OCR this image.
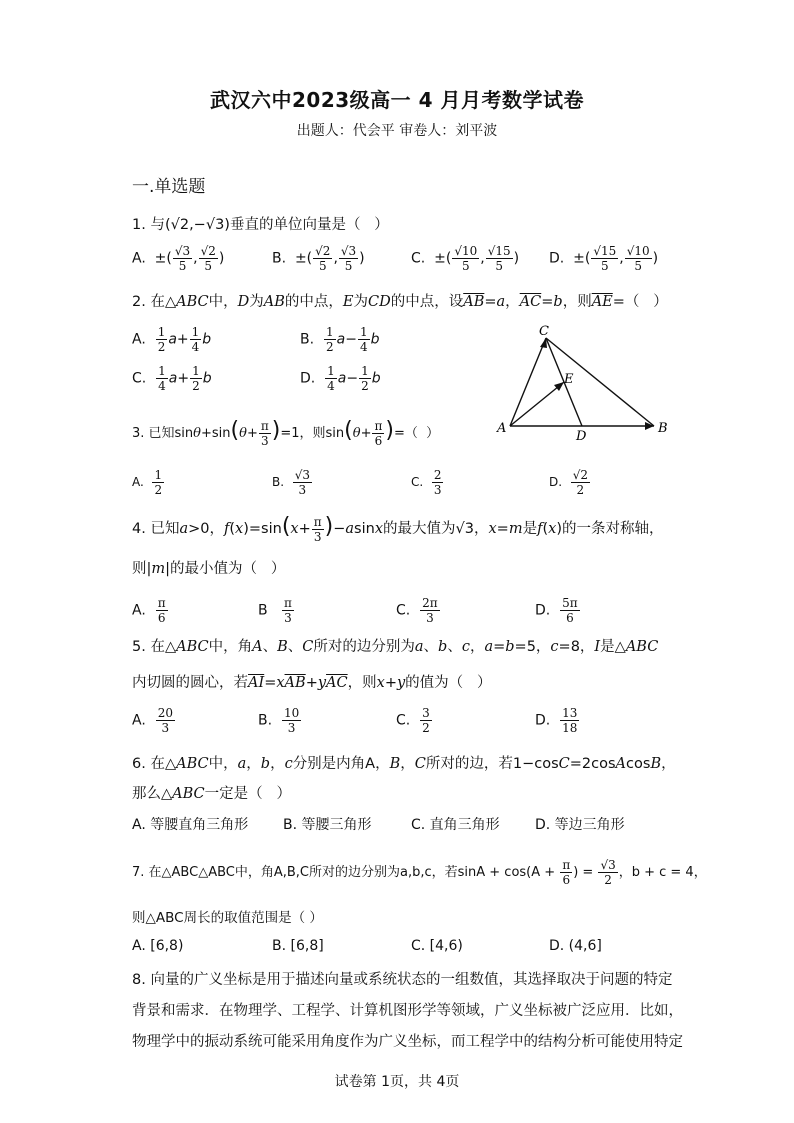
武汉六中2023级高一 4 月月考数学试卷
出题人：代会平 审卷人：刘平波
一.单选题
1. 与(√2,−√3)垂直的单位向量是（   ）
A.  ±( $\frac{√3}{5}$ , $\frac{√2}{5}$ )	B.  ±( $\frac{√2}{5}$ , $\frac{√3}{5}$ )	C.  ±( $\frac{√10}{5}$ , $\frac{√15}{5}$ ) D.  ±( $\frac{√15}{5}$ , $\frac{√10}{5}$ )
2. 在△ABC中，D为AB的中点，E为CD的中点，设$\overline{AB}=a$，$\overline{AC}=b$，则$\overline{AE}=$（   ）
A. $\frac{1}{2} a+ \frac{1}{4}$ b	B. $\frac{1}{2} a- \frac{1}{4}$ b
C. $\frac{1}{4} a+ \frac{1}{2}$ b	D. $\frac{1}{4} a- \frac{1}{2}$ b
C
E
A
D
B
3. 已知$\sin\theta+\sin(\theta+ \frac{\pi}{3} )=1$，则$\sin(\theta+ \frac{\pi}{6}$ )=（  ）
A. $\frac{1}{2}$	B. $\frac{√3}{3}$	C. $\frac{2}{3}$	D. $\frac{√2}{2}$
4. 已知a>0，$f(x)=\sin(x+ \frac{\pi}{3} )-asinx$的最大值为√3，x=m是f(x)的一条对称轴，
则|m|的最小值为（   ）
A. $\frac{\pi}{6}$	B $\frac{\pi}{3}$	C. $\frac{2\pi}{3}$	D. $\frac{5\pi}{6}$
5. 在△ABC中，角A、B、C所对的边分别为a、b、c，a=b=5，c=8，I是△ABC
内切圆的圆心，若$\overline{AI}=x\overline{AB}+y\overline{AC}$，则x+y的值为（   ）
A. $\frac{20}{3}$	B. $\frac{10}{3}$	C. $\frac{3}{2}$	D. $\frac{13}{18}$
6. 在△ABC中，a，b，c分别是内角A，B，C所对的边，若1−cosC=2cosAcosB，
那么△ABC一定是（   ）
A. 等腰直角三角形 B. 等腰三角形	C. 直角三角形	D. 等边三角形
7. 在△ABC△ABC中，角A,B,C所对的边分别为a,b,c，若$\sin A + \cos(A + \frac{\pi}{6}$ ) = $\frac{√3}{2}$ ，b + c = 4，
则△ABC周长的取值范围是（ ）
A. [6,8)	B. [6,8]	C. [4,6)	D. (4,6]
8. 向量的广义坐标是用于描述向量或系统状态的一组数值，其选择取决于问题的特定
背景和需求．在物理学、工程学、计算机图形学等领域，广义坐标被广泛应用．比如，
物理学中的振动系统可能采用角度作为广义坐标，而工程学中的结构分析可能使用特定
试卷第 1页，共 4页
